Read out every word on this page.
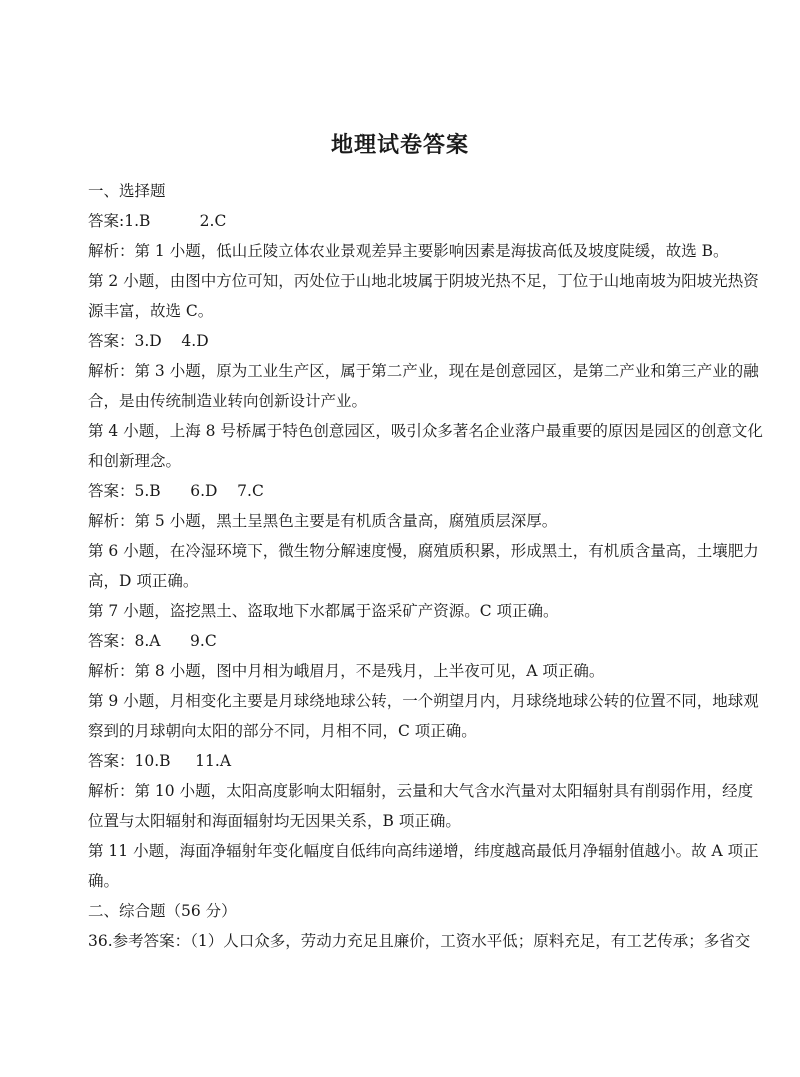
地理试卷答案
一、选择题
答案:1.B          2.C
解析：第 1 小题，低山丘陵立体农业景观差异主要影响因素是海拔高低及坡度陡缓，故选 B。
第 2 小题，由图中方位可知，丙处位于山地北坡属于阴坡光热不足，丁位于山地南坡为阳坡光热资
源丰富，故选 C。
答案：3.D    4.D
解析：第 3 小题，原为工业生产区，属于第二产业，现在是创意园区，是第二产业和第三产业的融
合，是由传统制造业转向创新设计产业。
第 4 小题，上海 8 号桥属于特色创意园区，吸引众多著名企业落户最重要的原因是园区的创意文化
和创新理念。
答案：5.B      6.D    7.C
解析：第 5 小题，黑土呈黑色主要是有机质含量高，腐殖质层深厚。
第 6 小题，在冷湿环境下，微生物分解速度慢，腐殖质积累，形成黑土，有机质含量高，土壤肥力
高，D 项正确。
第 7 小题，盗挖黑土、盗取地下水都属于盗采矿产资源。C 项正确。
答案：8.A      9.C
解析：第 8 小题，图中月相为峨眉月，不是残月，上半夜可见，A 项正确。
第 9 小题，月相变化主要是月球绕地球公转，一个朔望月内，月球绕地球公转的位置不同，地球观
察到的月球朝向太阳的部分不同，月相不同，C 项正确。
答案：10.B     11.A
解析：第 10 小题，太阳高度影响太阳辐射，云量和大气含水汽量对太阳辐射具有削弱作用，经度
位置与太阳辐射和海面辐射均无因果关系，B 项正确。
第 11 小题，海面净辐射年变化幅度自低纬向高纬递增，纬度越高最低月净辐射值越小。故 A 项正
确。
二、综合题（56 分）
36.参考答案：（1）人口众多，劳动力充足且廉价，工资水平低；原料充足，有工艺传承；多省交
